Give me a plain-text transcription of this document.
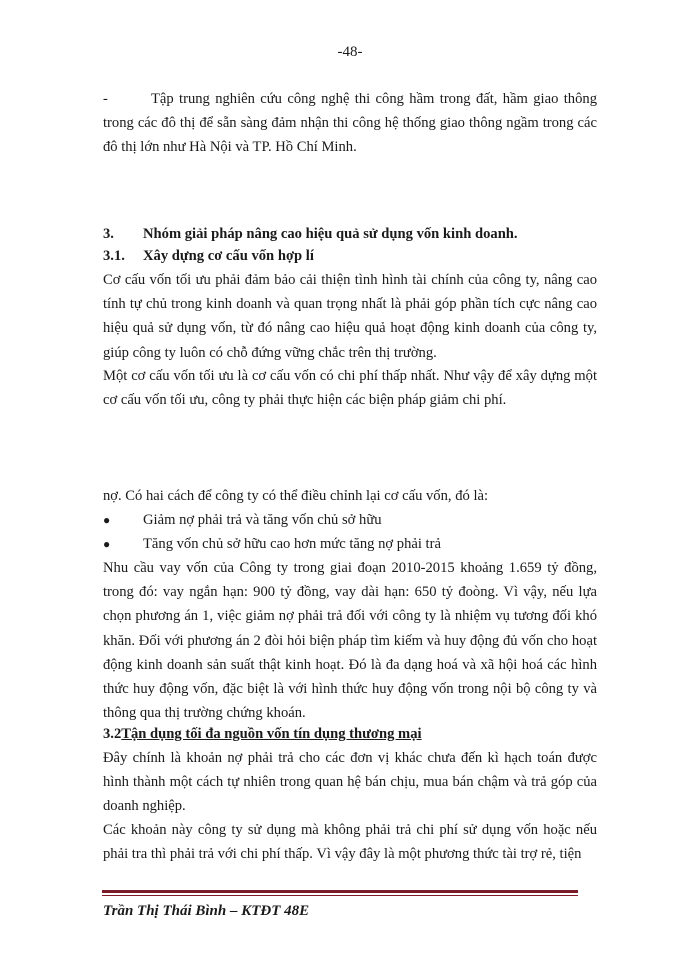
-48-
-	Tập trung nghiên cứu công nghệ thi công hầm trong đất, hầm giao thông trong các đô thị để sẵn sàng đảm nhận thi công hệ thống giao thông ngầm trong các đô thị lớn như Hà Nội và TP. Hồ Chí Minh.
3. Nhóm giải pháp nâng cao hiệu quả sử dụng vốn kinh doanh.
3.1. Xây dựng cơ cấu vốn hợp lí
Cơ cấu vốn tối ưu phải đảm bảo cải thiện tình hình tài chính của công ty, nâng cao tính tự chủ trong kinh doanh và quan trọng nhất là phải góp phần tích cực nâng cao hiệu quả sử dụng vốn, từ đó nâng cao hiệu quả hoạt động kinh doanh của công ty, giúp công ty luôn có chỗ đứng vững chắc trên thị trường.
Một cơ cấu vốn tối ưu là cơ cấu vốn có chi phí thấp nhất. Như vậy để xây dựng một cơ cấu vốn tối ưu, công ty phải thực hiện các biện pháp giảm chi phí.
nợ. Có hai cách để công ty có thể điều chỉnh lại cơ cấu vốn, đó là:
●	Giảm nợ phải trả và tăng vốn chủ sở hữu
●	Tăng vốn chủ sở hữu cao hơn mức tăng nợ phải trả
Nhu cầu vay vốn của Công ty trong giai đoạn 2010-2015 khoảng 1.659 tỷ đồng, trong đó: vay ngắn hạn: 900 tỷ đồng, vay dài hạn: 650 tỷ đoòng. Vì vậy, nếu lựa chọn phương án 1, việc giảm nợ phải trả đối với công ty là nhiệm vụ tương đối khó khăn. Đối với phương án 2 đòi hỏi biện pháp tìm kiếm và huy động đủ vốn cho hoạt động kinh doanh sản suất thật kinh hoạt. Đó là đa dạng hoá và xã hội hoá các hình thức huy động vốn, đặc biệt là với hình thức huy động vốn trong nội bộ công ty và thông qua thị trường chứng khoán.
3.2Tận dụng tối đa nguồn vốn tín dụng thương mại
Đây chính là khoản nợ phải trả cho các đơn vị khác chưa đến kì hạch toán được hình thành một cách tự nhiên trong quan hệ bán chịu, mua bán chậm và trả góp của doanh nghiệp.
Các khoản này công ty sử dụng mà không phải trả chi phí sử dụng vốn hoặc nếu phải tra thì phải trả với chi phí thấp. Vì vậy đây là một phương thức tài trợ rẻ, tiện
Trần Thị Thái Bình – KTĐT 48E
